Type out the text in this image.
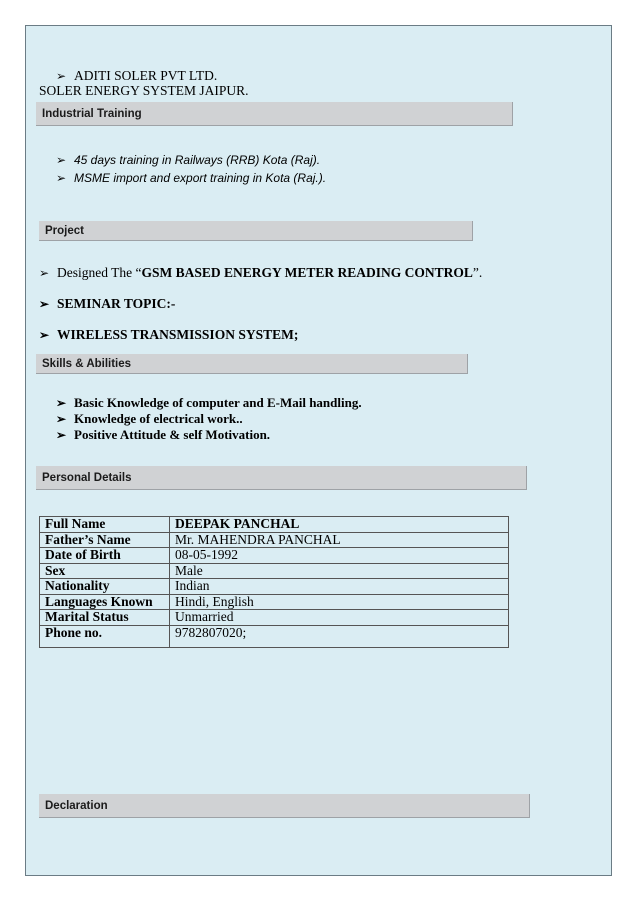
➢ ADITI SOLER PVT LTD.
SOLER ENERGY SYSTEM JAIPUR.
Industrial Training
➢ 45 days training in Railways (RRB) Kota (Raj).
➢ MSME import and export training in Kota (Raj.).
Project
➢ Designed The “ GSM BASED ENERGY METER READING CONTROL ”.
➢ SEMINAR TOPIC:-
➢ WIRELESS TRANSMISSION SYSTEM;
Skills & Abilities
➢ Basic Knowledge of computer and E-Mail handling.
➢ Knowledge of electrical work..
➢ Positive Attitude & self Motivation.
Personal Details
Full Name	DEEPAK PANCHAL
Father’s Name	Mr. MAHENDRA PANCHAL
Date of Birth	08-05-1992
Sex	Male
Nationality	Indian
Languages Known	Hindi, English
Marital Status	Unmarried
Phone no.	9782807020;
Declaration
